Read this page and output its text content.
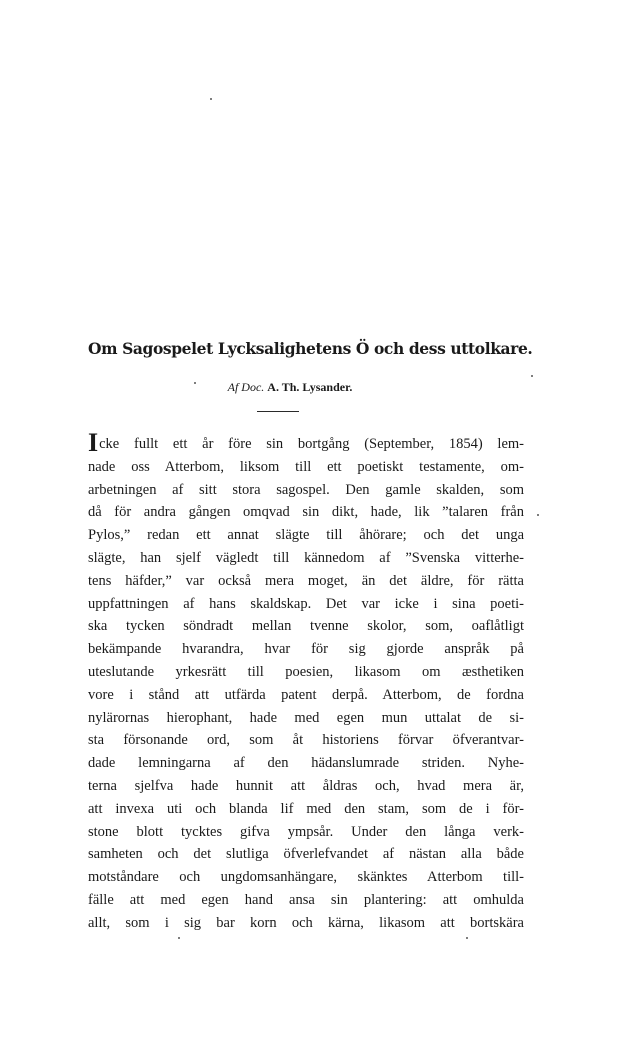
Om Sagospelet Lycksalighetens Ö och dess uttolkare.
Af Doc. A. Th. Lysander.
Icke fullt ett år före sin bortgång (September, 1854) lem-
nade oss Atterbom, liksom till ett poetiskt testamente, om-
arbetningen af sitt stora sagospel. Den gamle skalden, som
då för andra gången omqvad sin dikt, hade, lik ”talaren från
Pylos,” redan ett annat slägte till åhörare; och det unga
slägte, han sjelf vägledt till kännedom af ”Svenska vitterhe-
tens häfder,” var också mera moget, än det äldre, för rätta
uppfattningen af hans skaldskap. Det var icke i sina poeti-
ska tycken söndradt mellan tvenne skolor, som, oaflåtligt
bekämpande hvarandra, hvar för sig gjorde anspråk på
uteslutande yrkesrätt till poesien, likasom om æsthetiken
vore i stånd att utfärda patent derpå. Atterbom, de fordna
nylärornas hierophant, hade med egen mun uttalat de si-
sta försonande ord, som åt historiens förvar öfverantvar-
dade lemningarna af den hädanslumrade striden. Nyhe-
terna sjelfva hade hunnit att åldras och, hvad mera är,
att invexa uti och blanda lif med den stam, som de i för-
stone blott tycktes gifva ympsår. Under den långa verk-
samheten och det slutliga öfverlefvandet af nästan alla både
motståndare och ungdomsanhängare, skänktes Atterbom till-
fälle att med egen hand ansa sin plantering: att omhulda
allt, som i sig bar korn och kärna, likasom att bortskära
